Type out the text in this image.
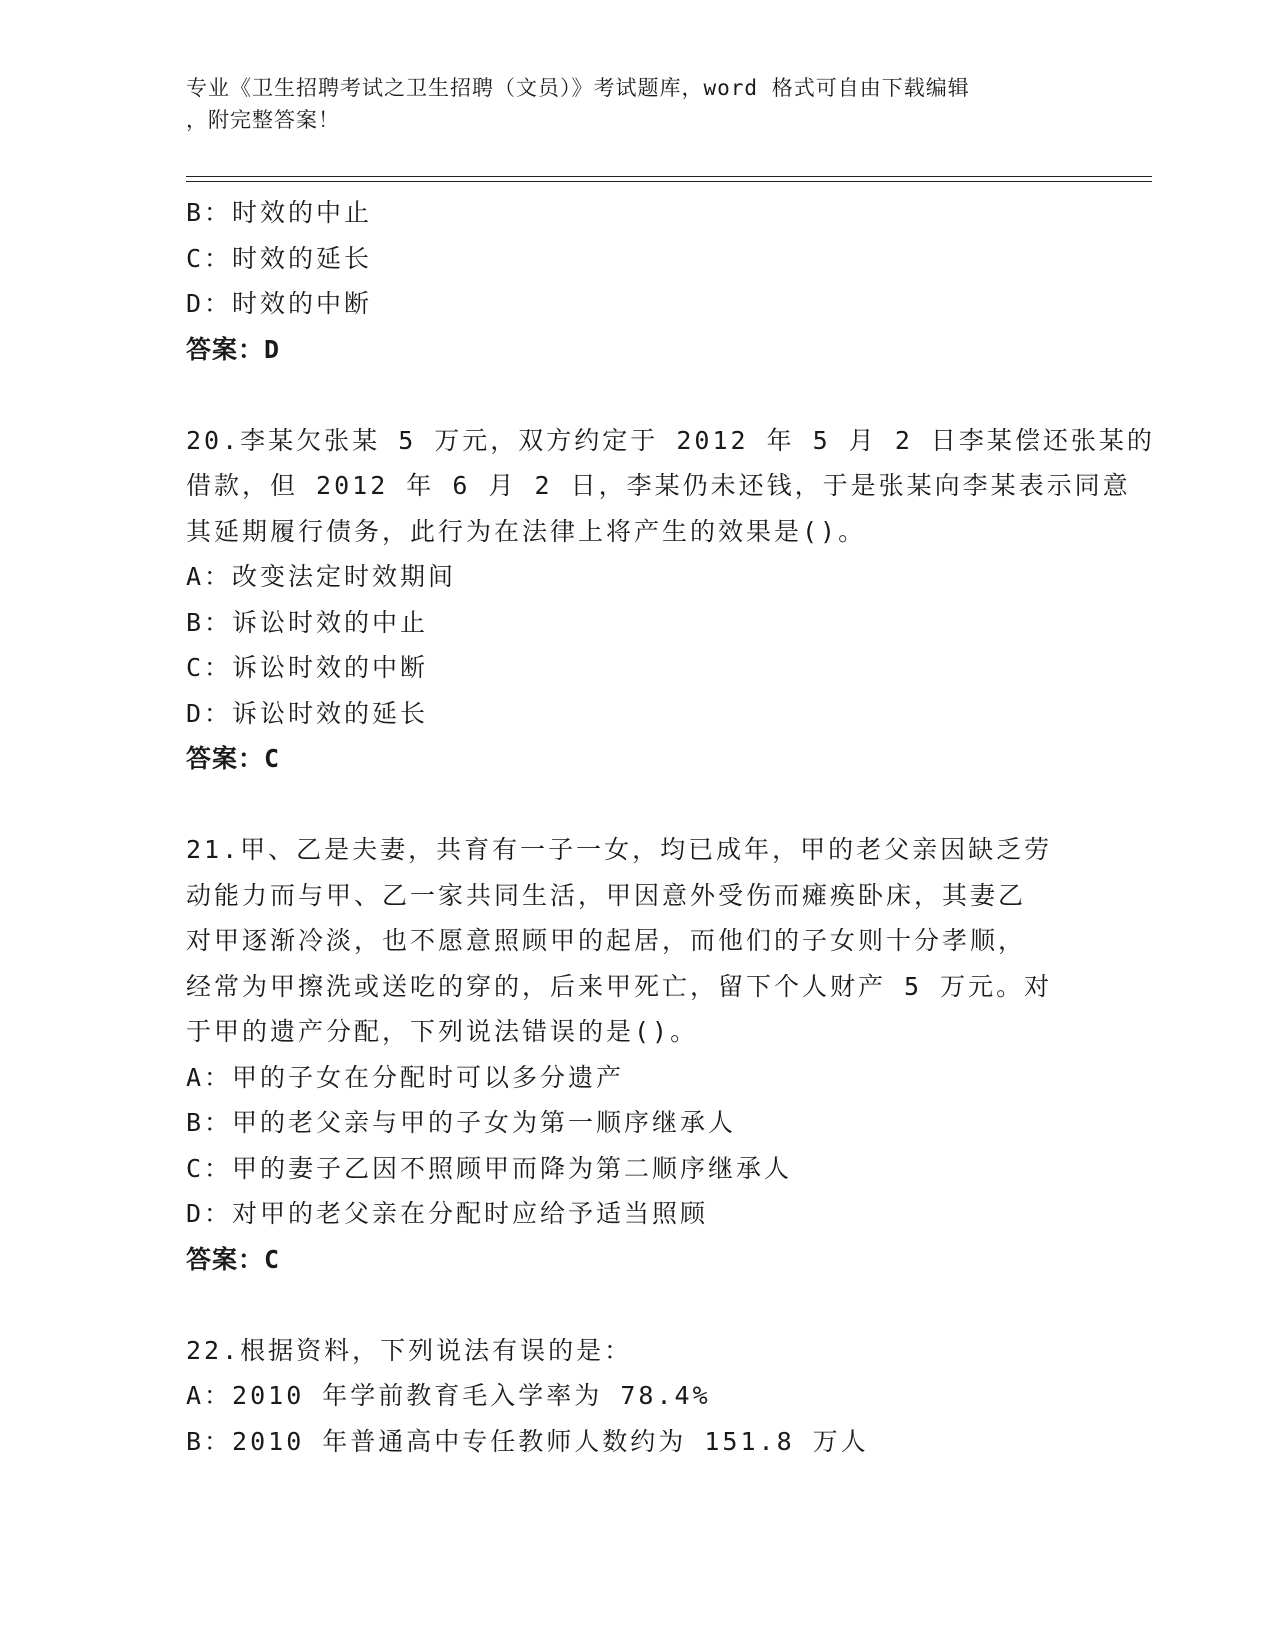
专业《卫生招聘考试之卫生招聘（文员）》考试题库，word 格式可自由下载编辑
，附完整答案！
B：时效的中止
C：时效的延长
D：时效的中断
答案：D
20.李某欠张某 5 万元，双方约定于 2012 年 5 月 2 日李某偿还张某的
借款，但 2012 年 6 月 2 日，李某仍未还钱，于是张某向李某表示同意
其延期履行债务，此行为在法律上将产生的效果是()。
A：改变法定时效期间
B：诉讼时效的中止
C：诉讼时效的中断
D：诉讼时效的延长
答案：C
21.甲、乙是夫妻，共育有一子一女，均已成年，甲的老父亲因缺乏劳
动能力而与甲、乙一家共同生活，甲因意外受伤而瘫痪卧床，其妻乙
对甲逐渐冷淡，也不愿意照顾甲的起居，而他们的子女则十分孝顺，
经常为甲擦洗或送吃的穿的，后来甲死亡，留下个人财产 5 万元。对
于甲的遗产分配，下列说法错误的是()。
A：甲的子女在分配时可以多分遗产
B：甲的老父亲与甲的子女为第一顺序继承人
C：甲的妻子乙因不照顾甲而降为第二顺序继承人
D：对甲的老父亲在分配时应给予适当照顾
答案：C
22.根据资料，下列说法有误的是：
A：2010 年学前教育毛入学率为 78.4%
B：2010 年普通高中专任教师人数约为 151.8 万人
